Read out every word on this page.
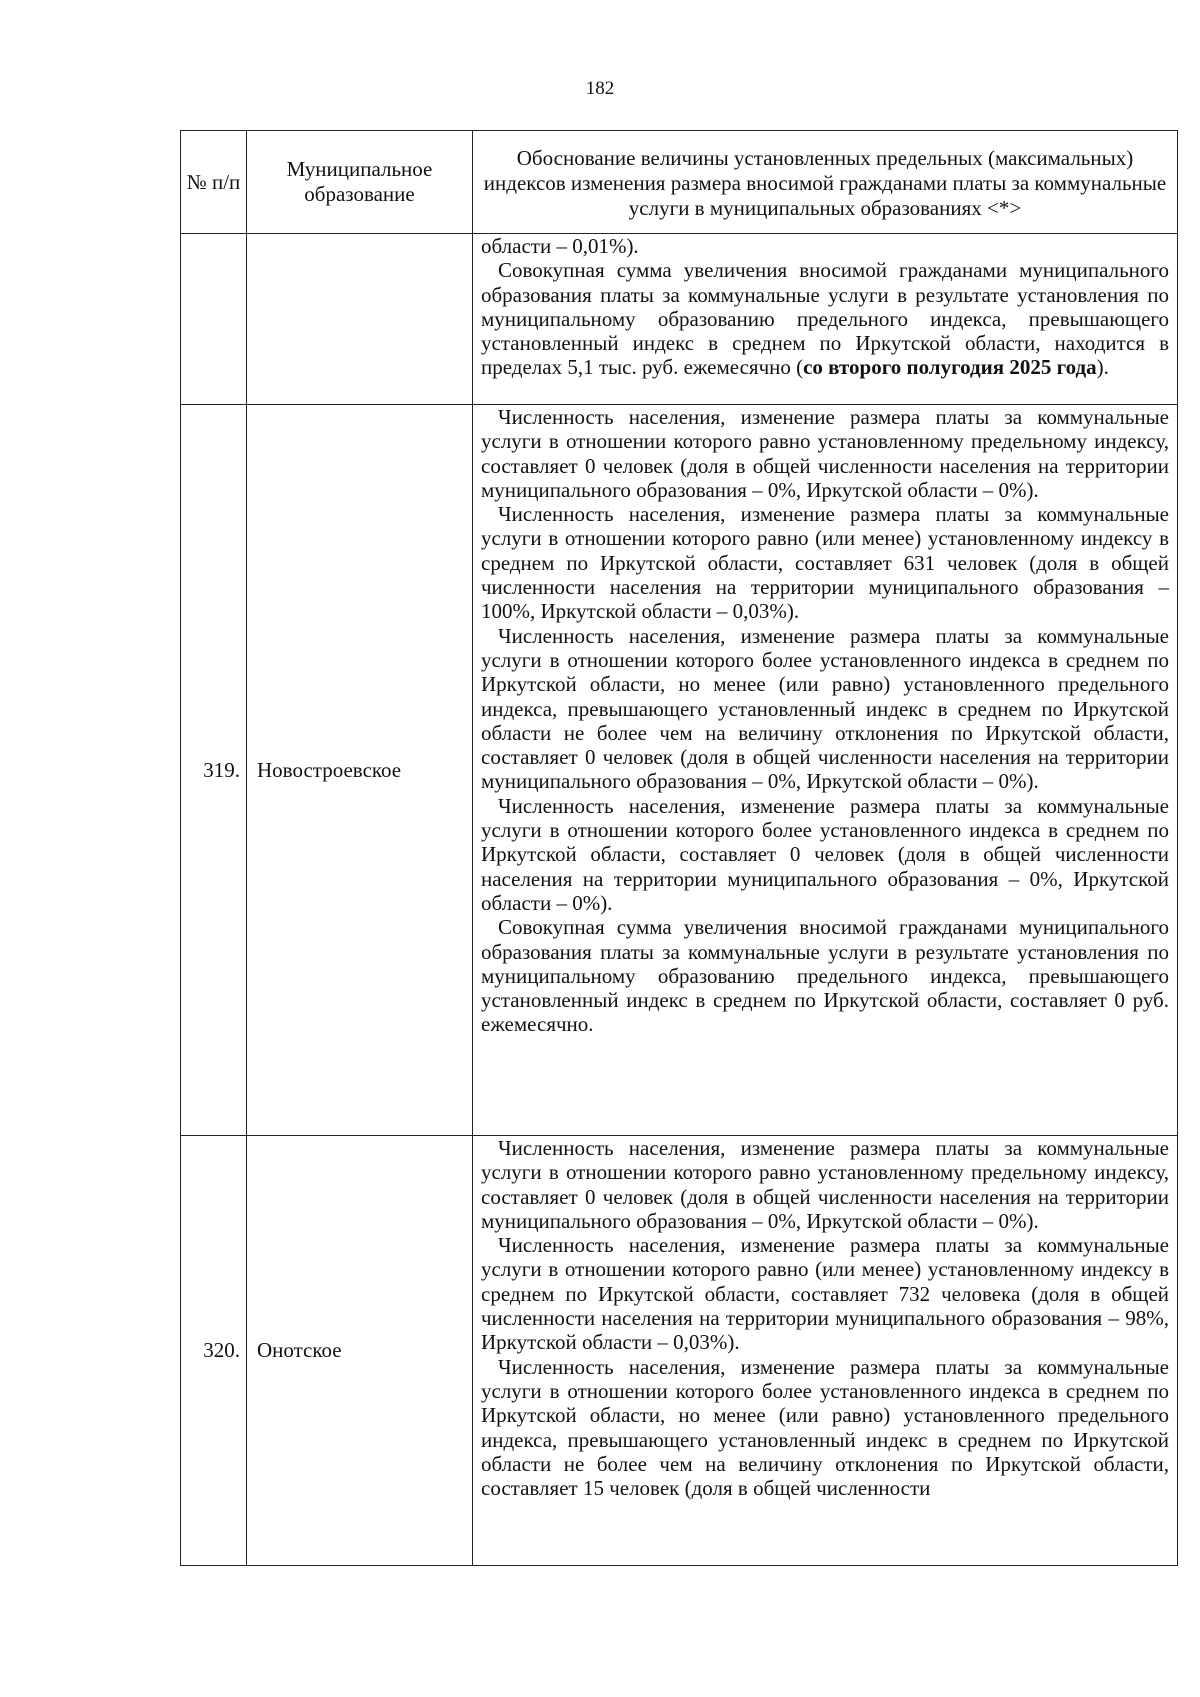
182
№ п/п	Муниципальное образование	Обоснование величины установленных предельных (максимальных) индексов изменения размера вносимой гражданами платы за коммунальные услуги в муниципальных образованиях <*>

		области – 0,01%).

Совокупная сумма увеличения вносимой гражданами муниципального образования платы за коммунальные услуги в результате установления по муниципальному образованию предельного индекса, превышающего установленный индекс в среднем по Иркутской области, находится в пределах 5,1 тыс. руб. ежемесячно (со второго полугодия 2025 года).

319.	Новостроевское	Численность населения, изменение размера платы за коммунальные услуги в отношении которого равно установленному предельному индексу, составляет 0 человек (доля в общей численности населения на территории муниципального образования – 0%, Иркутской области – 0%).

Численность населения, изменение размера платы за коммунальные услуги в отношении которого равно (или менее) установленному индексу в среднем по Иркутской области, составляет 631 человек (доля в общей численности населения на территории муниципального образования – 100%, Иркутской области – 0,03%).

Численность населения, изменение размера платы за коммунальные услуги в отношении которого более установленного индекса в среднем по Иркутской области, но менее (или равно) установленного предельного индекса, превышающего установленный индекс в среднем по Иркутской области не более чем на величину отклонения по Иркутской области, составляет 0 человек (доля в общей численности населения на территории муниципального образования – 0%, Иркутской области – 0%).

Численность населения, изменение размера платы за коммунальные услуги в отношении которого более установленного индекса в среднем по Иркутской области, составляет 0 человек (доля в общей численности населения на территории муниципального образования – 0%, Иркутской области – 0%).

Совокупная сумма увеличения вносимой гражданами муниципального образования платы за коммунальные услуги в результате установления по муниципальному образованию предельного индекса, превышающего установленный индекс в среднем по Иркутской области, составляет 0 руб. ежемесячно.

320.	Онотское	Численность населения, изменение размера платы за коммунальные услуги в отношении которого равно установленному предельному индексу, составляет 0 человек (доля в общей численности населения на территории муниципального образования – 0%, Иркутской области – 0%).

Численность населения, изменение размера платы за коммунальные услуги в отношении которого равно (или менее) установленному индексу в среднем по Иркутской области, составляет 732 человека (доля в общей численности населения на территории муниципального образования – 98%, Иркутской области – 0,03%).

Численность населения, изменение размера платы за коммунальные услуги в отношении которого более установленного индекса в среднем по Иркутской области, но менее (или равно) установленного предельного индекса, превышающего установленный индекс в среднем по Иркутской области не более чем на величину отклонения по Иркутской области, составляет 15 человек (доля в общей численности
